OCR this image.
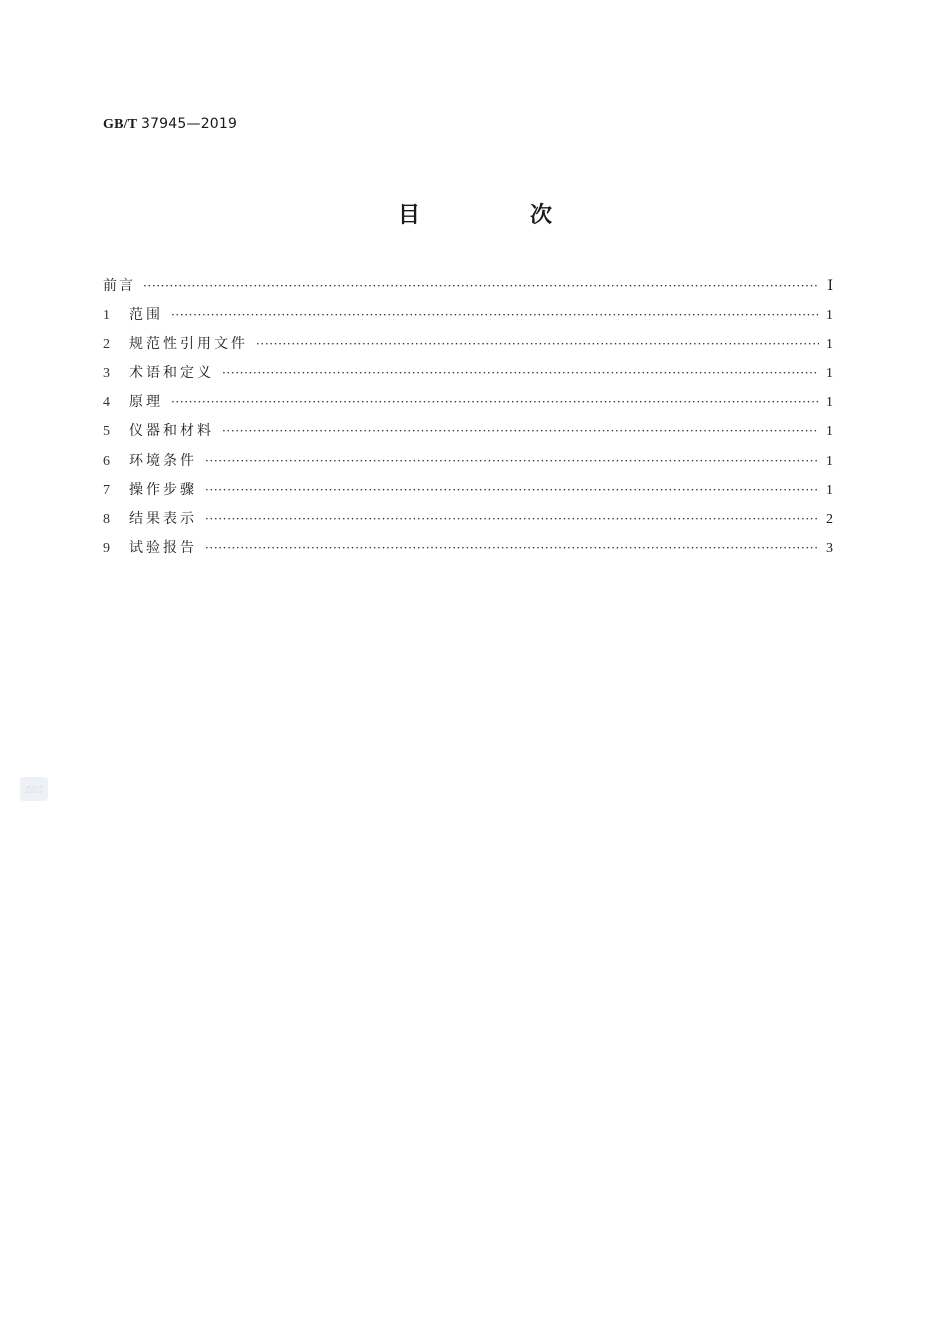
GB/T 37945—2019
目　次
前言 ·····	Ⅰ
1	范围 ·····	1
2	规范性引用文件 ·····	1
3	术语和定义 ·····	1
4	原理 ·····	1
5	仪器和材料 ·····	1
6	环境条件 ·····	1
7	操作步骤 ·····	1
8	结果表示 ·····	2
9	试验报告 ·····	3
SAC
